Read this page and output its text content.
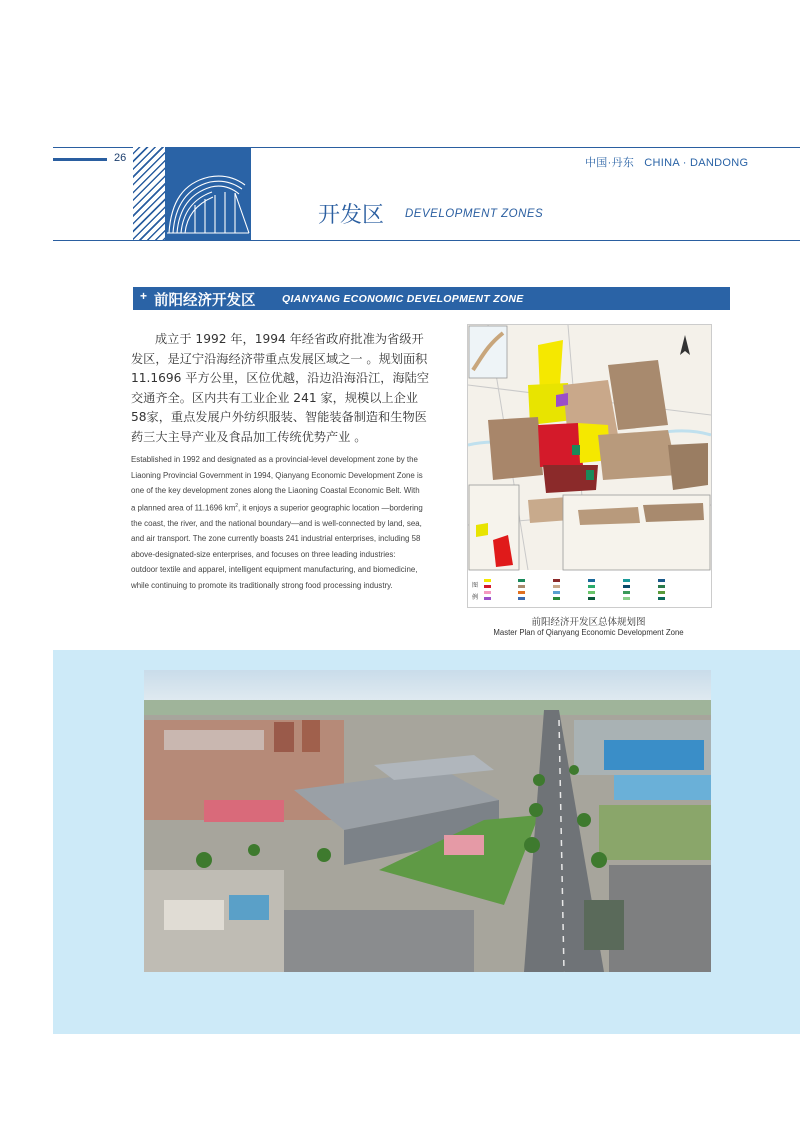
26	中国·丹东   CHINA · DANDONG
开发区 DEVELOPMENT ZONES
+ 前阳经济开发区	QIANYANG ECONOMIC DEVELOPMENT ZONE
成立于 1992 年，1994 年经省政府批准为省级开发区，是辽宁沿海经济带重点发展区域之一 。规划面积 11.1696 平方公里，区位优越，沿边沿海沿江，海陆空交通齐全。区内共有工业企业 241 家，规模以上企业58家，重点发展户外纺织服装、智能装备制造和生物医药三大主导产业及食品加工传统优势产业 。
Established in 1992 and designated as a provincial-level development zone by the Liaoning Provincial Government in 1994, Qianyang Economic Development Zone is one of the key development zones along the Liaoning Coastal Economic Belt. With a planned area of 11.1696 $km^2$, it enjoys a superior geographic location —bordering the coast, the river, and the national boundary—and is well-connected by land, sea, and air transport. The zone currently boasts 241 industrial enterprises, including 58 above-designated-size enterprises, and focuses on three leading industries: outdoor textile and apparel, intelligent equipment manufacturing, and biomedicine, while continuing to promote its traditionally strong food processing industry.	图
例
前阳经济开发区总体规划图
Master Plan of Qianyang Economic Development Zone
